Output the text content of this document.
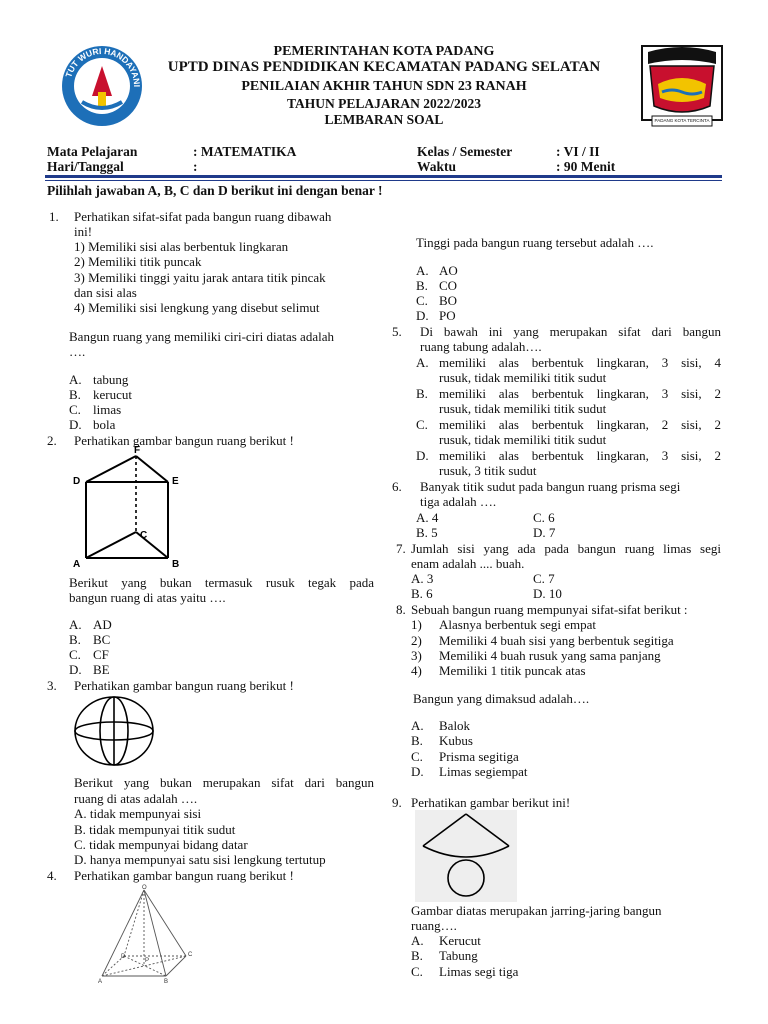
TUT WURI HANDAYANI
PADANG KOTA TERCINTA
PEMERINTAHAN KOTA PADANG
UPTD DINAS PENDIDIKAN KECAMATAN PADANG SELATAN
PENILAIAN AKHIR TAHUN SDN 23 RANAH
TAHUN PELAJARAN 2022/2023
LEMBARAN SOAL
Mata Pelajaran	: MATEMATIKA
Hari/Tanggal	:
Kelas / Semester	: VI / II
Waktu	: 90 Menit
Pilihlah jawaban A, B, C dan D berikut ini dengan benar !
1. Perhatikan sifat-sifat pada bangun ruang dibawah
ini!
1) Memiliki sisi alas berbentuk lingkaran
2) Memiliki titik puncak
3) Memiliki tinggi yaitu jarak antara titik pincak
dan sisi alas
4) Memiliki sisi lengkung yang disebut selimut
Bangun ruang yang memiliki ciri-ciri diatas adalah
….
A. tabung
B. kerucut
C. limas
D. bola
2. Perhatikan gambar bangun ruang berikut !
F
D	E
C
A	B
Berikut yang bukan termasuk rusuk tegak pada
bangun ruang di atas yaitu ….
A. AD
B. BC
C. CF
D. BE
3. Perhatikan gambar bangun ruang berikut !
Berikut yang bukan merupakan sifat dari bangun
ruang di atas adalah ….
A. tidak mempunyai sisi
B. tidak mempunyai titik sudut
C. tidak mempunyai bidang datar
D. hanya mempunyai satu sisi lengkung tertutup
4. Perhatikan gambar bangun ruang berikut !
O
D
P
C
A	B
Tinggi pada bangun ruang tersebut adalah ….
A. AO
B. CO
C. BO
D. PO
5. Di bawah ini yang merupakan sifat dari bangun
ruang tabung adalah….
A. memiliki alas berbentuk lingkaran, 3 sisi, 4
rusuk, tidak memiliki titik sudut
B. memiliki alas berbentuk lingkaran, 3 sisi, 2
rusuk, tidak memiliki titik sudut
C. memiliki alas berbentuk lingkaran, 2 sisi, 2
rusuk, tidak memiliki titik sudut
D. memiliki alas berbentuk lingkaran, 3 sisi, 2
rusuk, 3 titik sudut
6. Banyak titik sudut pada bangun ruang prisma segi
tiga adalah ….
A. 4	C. 6
B. 5	D. 7
7. Jumlah sisi yang ada pada bangun ruang limas segi
enam adalah .... buah.
A. 3	C. 7
B. 6	D. 10
8. Sebuah bangun ruang mempunyai sifat-sifat berikut :
1) Alasnya berbentuk segi empat
2) Memiliki 4 buah sisi yang berbentuk segitiga
3) Memiliki 4 buah rusuk yang sama panjang
4) Memiliki 1 titik puncak atas
Bangun yang dimaksud adalah….
A. Balok
B. Kubus
C. Prisma segitiga
D. Limas segiempat
9. Perhatikan gambar berikut ini!
Gambar diatas merupakan jarring-jaring bangun
ruang….
A. Kerucut
B. Tabung
C. Limas segi tiga
